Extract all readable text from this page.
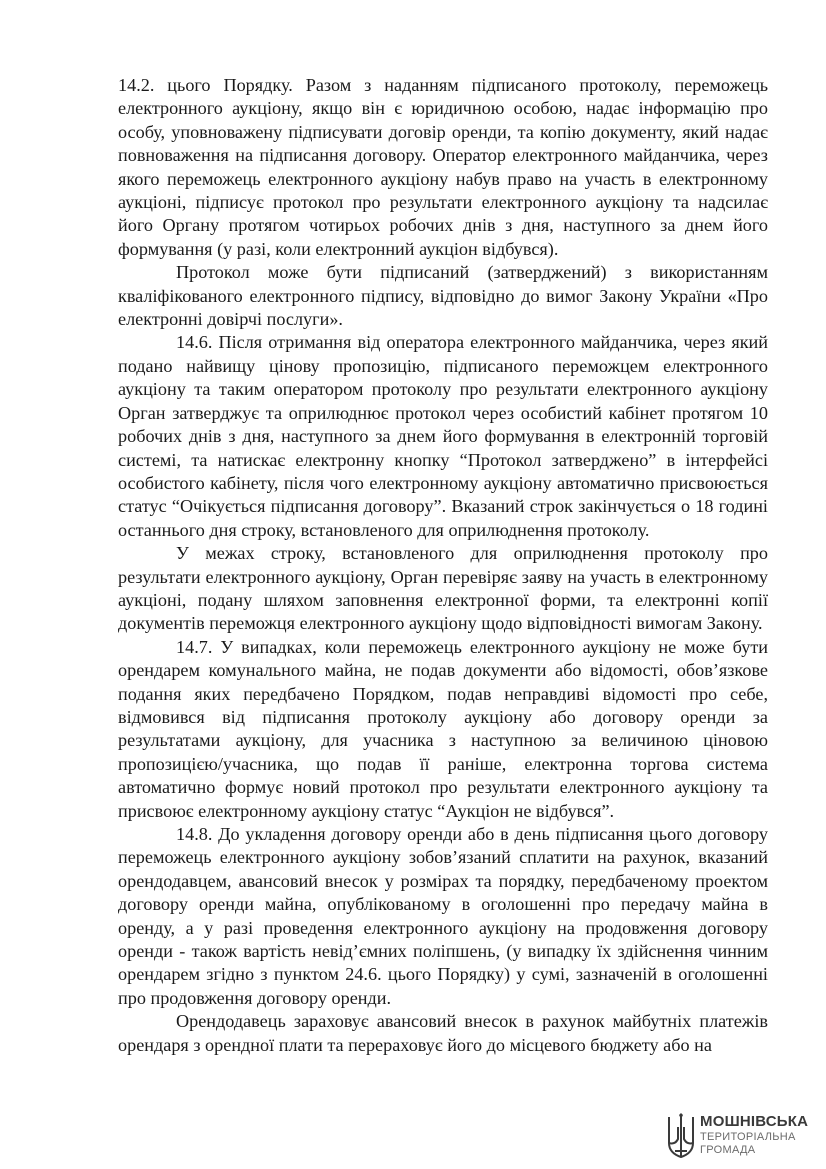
14.2. цього Порядку. Разом з наданням підписаного протоколу, переможець електронного аукціону, якщо він є юридичною особою, надає інформацію про особу, уповноважену підписувати договір оренди, та копію документу, який надає повноваження на підписання договору. Оператор електронного майданчика, через якого переможець електронного аукціону набув право на участь в електронному аукціоні, підписує протокол про результати електронного аукціону та надсилає його Органу протягом чотирьох робочих днів з дня, наступного за днем його формування (у разі, коли електронний аукціон відбувся).

Протокол може бути підписаний (затверджений) з використанням кваліфікованого електронного підпису, відповідно до вимог Закону України «Про електронні довірчі послуги».

14.6. Після отримання від оператора електронного майданчика, через який подано найвищу цінову пропозицію, підписаного переможцем електронного аукціону та таким оператором протоколу про результати електронного аукціону Орган затверджує та оприлюднює протокол через особистий кабінет протягом 10 робочих днів з дня, наступного за днем його формування в електронній торговій системі, та натискає електронну кнопку “Протокол затверджено” в інтерфейсі особистого кабінету, після чого електронному аукціону автоматично присвоюється статус “Очікується підписання договору”. Вказаний строк закінчується о 18 годині останнього дня строку, встановленого для оприлюднення протоколу.

У межах строку, встановленого для оприлюднення протоколу про результати електронного аукціону, Орган перевіряє заяву на участь в електронному аукціоні, подану шляхом заповнення електронної форми, та електронні копії документів переможця електронного аукціону щодо відповідності вимогам Закону.

14.7. У випадках, коли переможець електронного аукціону не може бути орендарем комунального майна, не подав документи або відомості, обов’язкове подання яких передбачено Порядком, подав неправдиві відомості про себе, відмовився від підписання протоколу аукціону або договору оренди за результатами аукціону, для учасника з наступною за величиною ціновою пропозицією/учасника, що подав її раніше, електронна торгова система автоматично формує новий протокол про результати електронного аукціону та присвоює електронному аукціону статус “Аукціон не відбувся”.

14.8. До укладення договору оренди або в день підписання цього договору переможець електронного аукціону зобов’язаний сплатити на рахунок, вказаний орендодавцем, авансовий внесок у розмірах та порядку, передбаченому проектом договору оренди майна, опублікованому в оголошенні про передачу майна в оренду, а у разі проведення електронного аукціону на продовження договору оренди - також вартість невід’ємних поліпшень, (у випадку їх здійснення чинним орендарем згідно з пунктом 24.6. цього Порядку) у сумі, зазначеній в оголошенні про продовження договору оренди.

Орендодавець зараховує авансовий внесок в рахунок майбутніх платежів орендаря з орендної плати та перераховує його до місцевого бюджету або на

МОШНІВСЬКА
ТЕРИТОРІАЛЬНА
ГРОМАДА
